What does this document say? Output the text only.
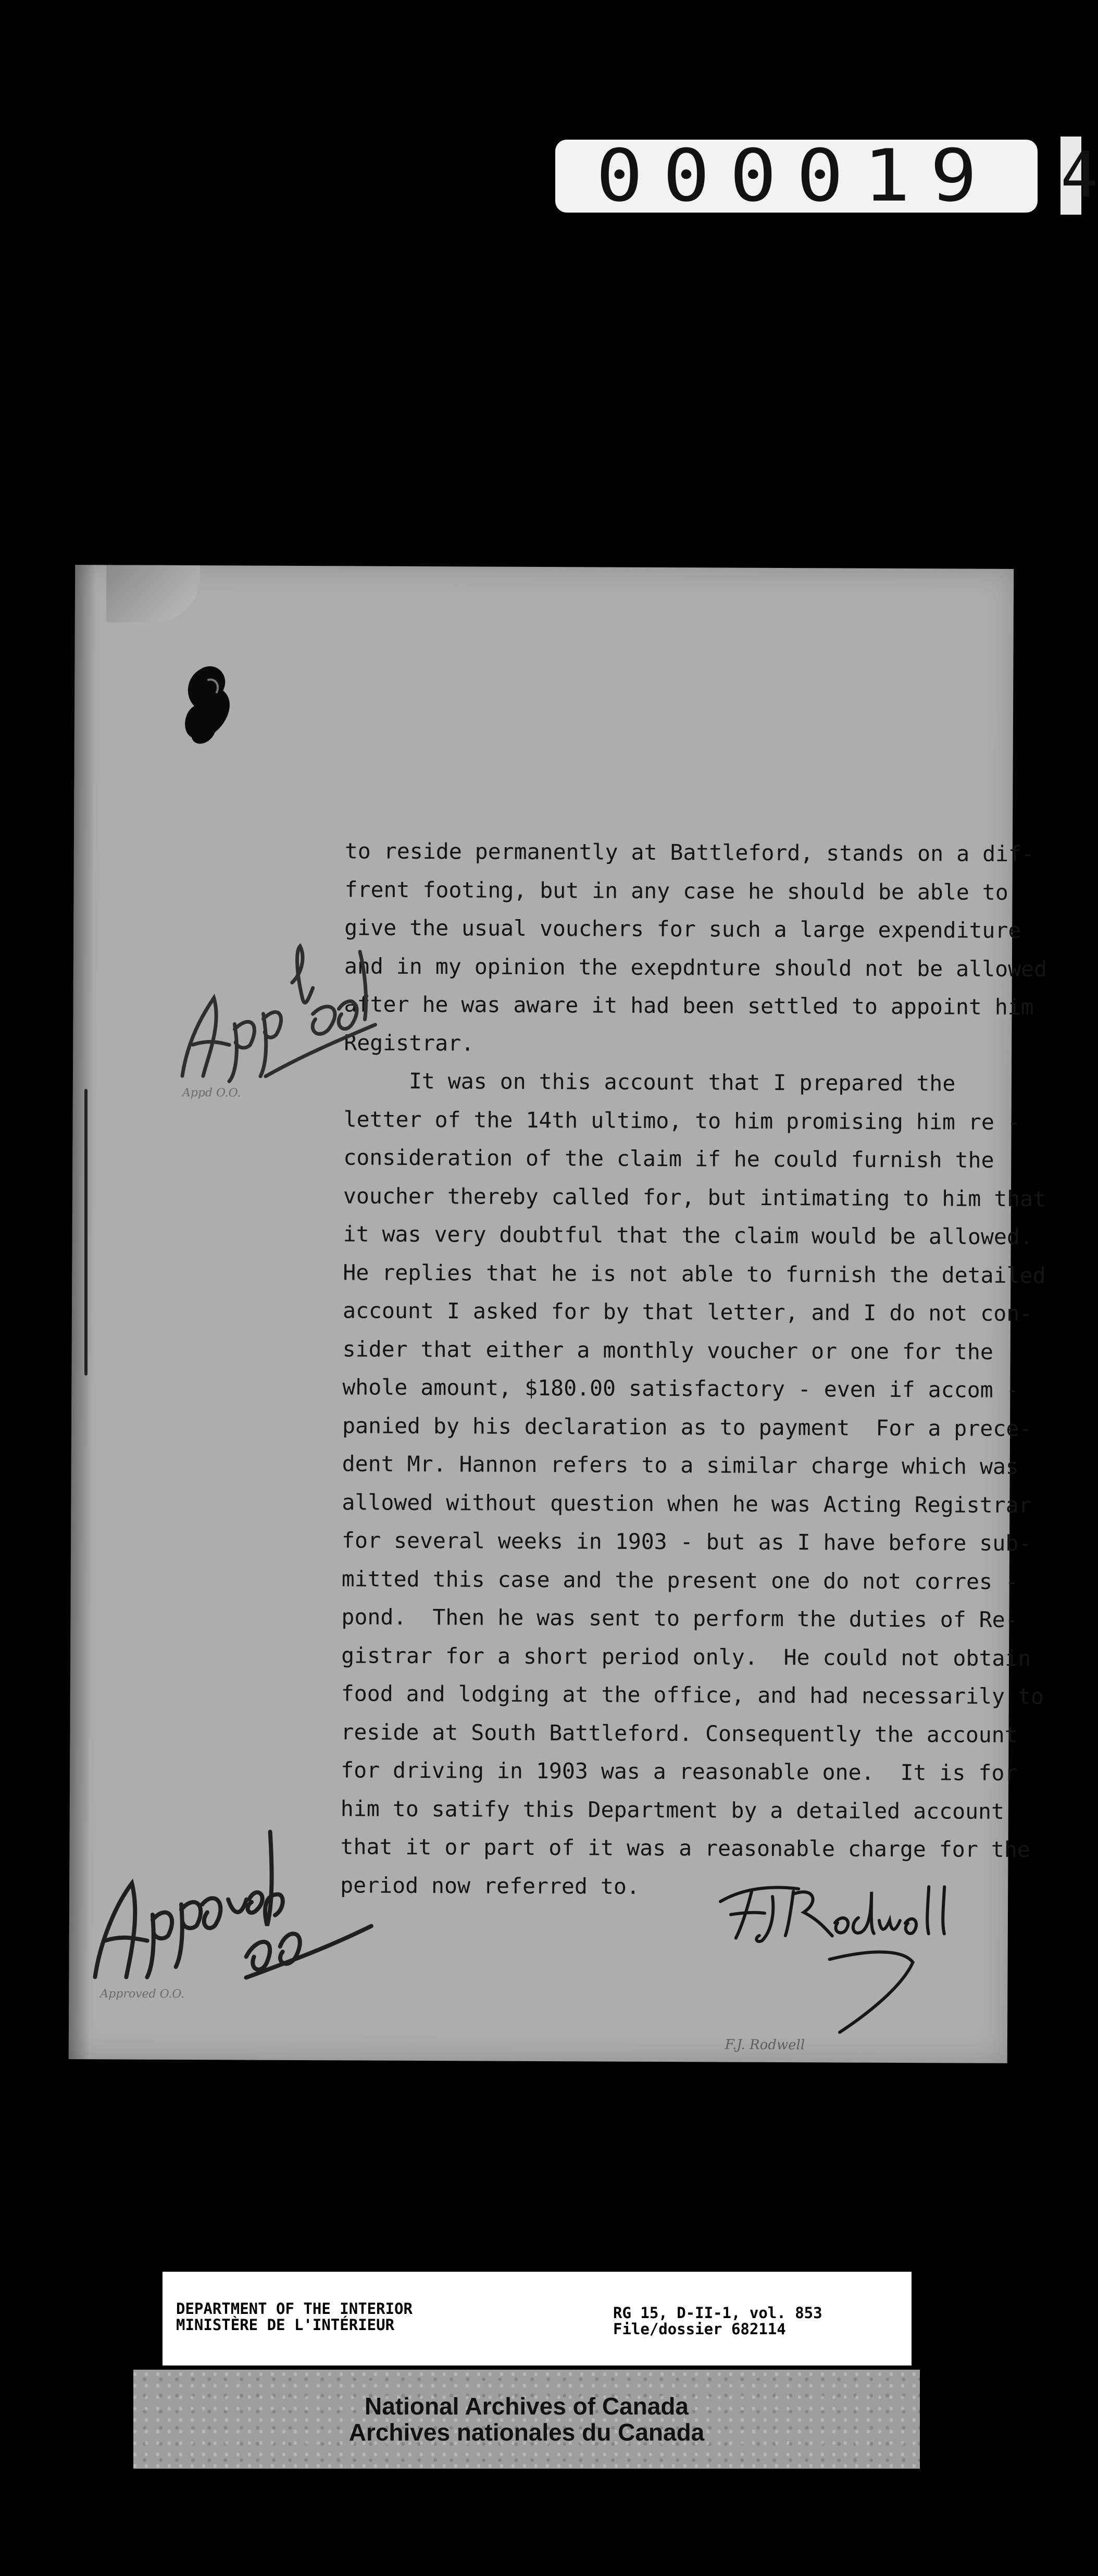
000019 4
to reside permanently at Battleford, stands on a dif-
frent footing, but in any case he should be able to
give the usual vouchers for such a large expenditure
and in my opinion the exepdnture should not be allowed
after he was aware it had been settled to appoint him
Registrar.
It was on this account that I prepared the
letter of the 14th ultimo, to him promising him re -
consideration of the claim if he could furnish the
voucher thereby called for, but intimating to him that
it was very doubtful that the claim would be allowed.
He replies that he is not able to furnish the detailed
account I asked for by that letter, and I do not con-
sider that either a monthly voucher or one for the
whole amount, $180.00 satisfactory - even if accom -
panied by his declaration as to payment  For a prece-
dent Mr. Hannon refers to a similar charge which was
allowed without question when he was Acting Registrar
for several weeks in 1903 - but as I have before sub-
mitted this case and the present one do not corres -
pond.  Then he was sent to perform the duties of Re-
gistrar for a short period only.  He could not obtain
food and lodging at the office, and had necessarily to
reside at South Battleford. Consequently the account
for driving in 1903 was a reasonable one.  It is for
him to satify this Department by a detailed account
that it or part of it was a reasonable charge for the
period now referred to.
F.J. Rodwell
Appd O.O.
Approved O.O.
DEPARTMENT OF THE INTERIOR
MINISTÈRE DE L'INTÉRIEUR
RG 15, D-II-1, vol. 853
File/dossier 682114
National Archives of Canada
Archives nationales du Canada
